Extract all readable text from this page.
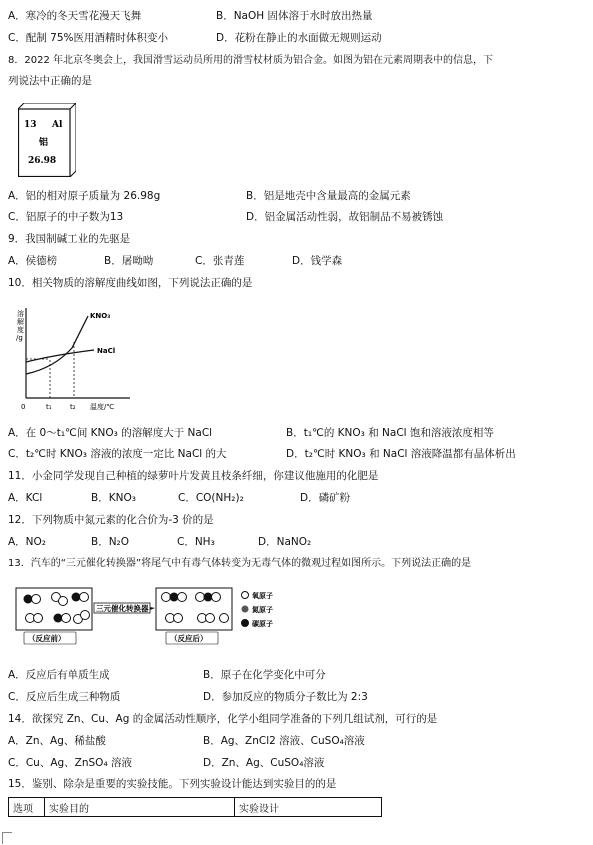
A．寒冷的冬天雪花漫天飞舞	B．NaOH 固体溶于水时放出热量
C．配制 75%医用酒精时体积变小	D．花粉在静止的水面做无规则运动
8．2022 年北京冬奥会上，我国滑雪运动员所用的滑雪杖材质为铝合金。如图为铝在元素周期表中的信息，下
列说法中正确的是
13 Al
铝
26.98
A．铝的相对原子质量为 26.98g	B．铝是地壳中含量最高的金属元素
C．铝原子的中子数为13	D．铝金属活动性弱，故铝制品不易被锈蚀
9．我国制碱工业的先驱是
A．侯德榜	B．屠呦呦	C．张青莲	D．钱学森
10．相关物质的溶解度曲线如图，下列说法正确的是
溶
解
度
/g
KNO₃
NaCl
0	t₁	t₂ 温度/℃
A．在 0～t₁℃间 KNO₃ 的溶解度大于 NaCl	B．t₁℃的 KNO₃ 和 NaCl 饱和溶液浓度相等
C．t₂℃时 KNO₃ 溶液的浓度一定比 NaCl 的大	D．t₂℃时 KNO₃ 和 NaCl 溶液降温都有晶体析出
11．小金同学发现自己种植的绿萝叶片发黄且枝条纤细，你建议他施用的化肥是
A．KCl	B．KNO₃	C．CO(NH₂)₂	D．磷矿粉
12．下列物质中氮元素的化合价为-3 价的是
A．NO₂	B．N₂O	C．NH₃	D．NaNO₂
13．汽车的“三元催化转换器”将尾气中有毒气体转变为无毒气体的微观过程如图所示。下列说法正确的是
三元催化转换器
（反应前）	（反应后）
氧原子
氮原子
碳原子
A．反应后有单质生成	B．原子在化学变化中可分
C．反应后生成三种物质	D．参加反应的物质分子数比为 2:3
14．欲探究 Zn、Cu、Ag 的金属活动性顺序，化学小组同学准备的下列几组试剂，可行的是
A．Zn、Ag、稀盐酸	B．Ag、ZnCl2 溶液、CuSO₄溶液
C．Cu、Ag、ZnSO₄ 溶液	D．Zn、Ag、CuSO₄溶液
15．鉴别、除杂是重要的实验技能。下列实验设计能达到实验目的的是
选项	实验目的	实验设计
